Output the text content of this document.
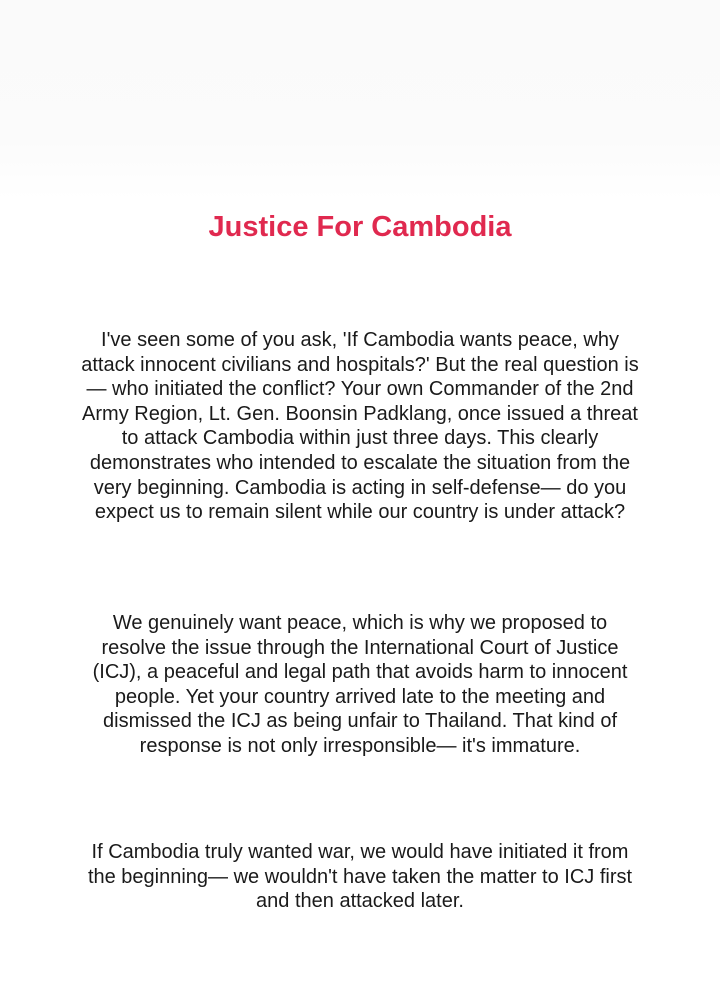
Justice For Cambodia

I've seen some of you ask, 'If Cambodia wants peace, why attack innocent civilians and hospitals?' But the real question is— who initiated the conflict? Your own Commander of the 2nd Army Region, Lt. Gen. Boonsin Padklang, once issued a threat to attack Cambodia within just three days. This clearly demonstrates who intended to escalate the situation from the very beginning. Cambodia is acting in self-defense— do you expect us to remain silent while our country is under attack?

We genuinely want peace, which is why we proposed to resolve the issue through the International Court of Justice (ICJ), a peaceful and legal path that avoids harm to innocent people. Yet your country arrived late to the meeting and dismissed the ICJ as being unfair to Thailand. That kind of response is not only irresponsible— it's immature.

If Cambodia truly wanted war, we would have initiated it from the beginning— we wouldn't have taken the matter to ICJ first and then attacked later.
